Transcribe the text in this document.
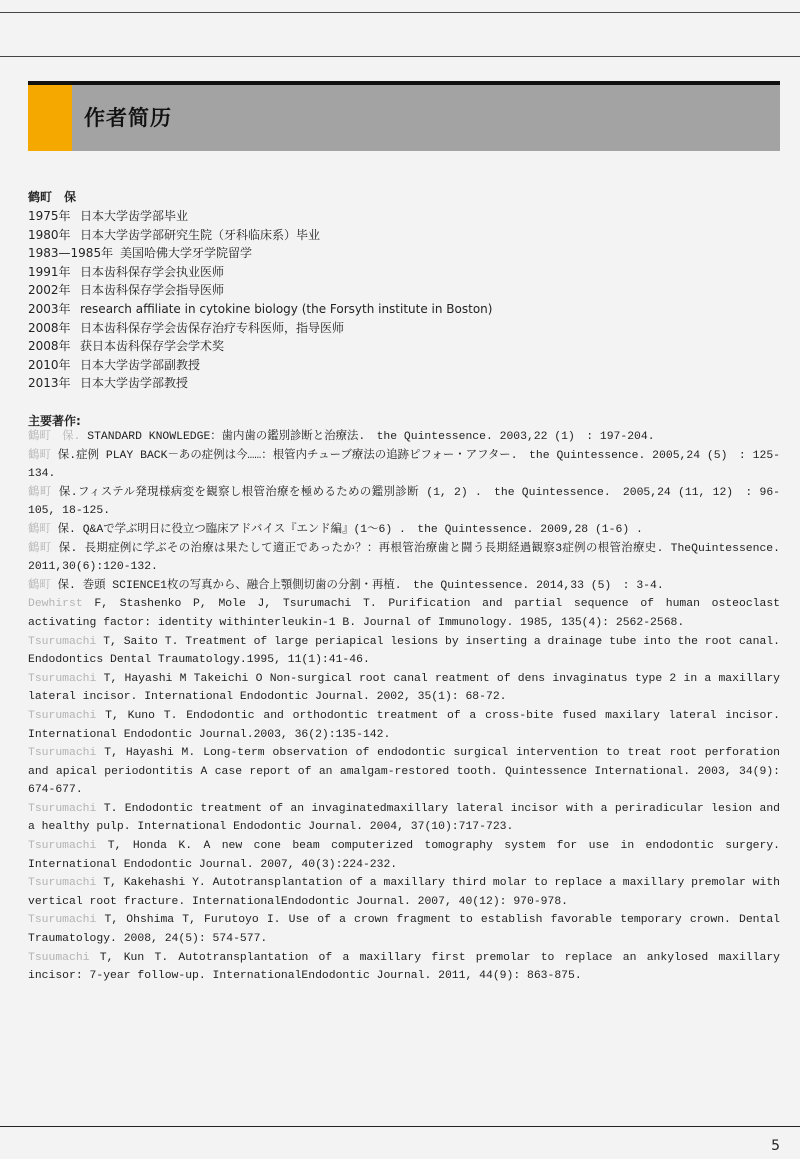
作者简历
鹤町　保
1975年 日本大学齿学部毕业
1980年 日本大学齿学部研究生院（牙科临床系）毕业
1983—1985年 美国哈佛大学牙学院留学
1991年 日本齿科保存学会执业医师
2002年 日本齿科保存学会指导医师
2003年 research affiliate in cytokine biology (the Forsyth institute in Boston)
2008年 日本齿科保存学会齿保存治疗专科医师，指导医师
2008年 获日本齿科保存学会学术奖
2010年 日本大学齿学部副教授
2013年 日本大学齿学部教授
主要著作:
鶴町　保. STANDARD KNOWLEDGE：歯内歯の鑑別診断と治療法.　the Quintessence. 2003,22 (1)　: 197-204.
鶴町 保.症例 PLAY BACK－あの症例は今……：根管内チューブ療法の追跡ピフォー・アフター.　the Quintessence. 2005,24 (5)　: 125-134.
鶴町 保.フィステル発現様病変を観察し根管治療を極めるための鑑別診断 (1, 2) .　the Quintessence.　2005,24 (11, 12)　: 96-105, 18-125.
鶴町 保. Q&Aで学ぶ明日に役立つ臨床アドバイス『エンド編』(1～6) .　the Quintessence. 2009,28 (1-6) .
鶴町 保. 長期症例に学ぶその治療は果たして適正であったか？：再根管治療歯と闘う長期経過観察3症例の根管治療史. TheQuintessence. 2011,30(6):120-132.
鶴町 保. 巻頭 SCIENCE1枚の写真から、融合上顎側切歯の分割・再植.　the Quintessence. 2014,33 (5)　: 3-4.
Dewhirst F, Stashenko P, Mole J, Tsurumachi T. Purification and partial sequence of human osteoclast activating factor: identity withinterleukin-1 B. Journal of Immunology. 1985, 135(4): 2562-2568.
Tsurumachi T, Saito T. Treatment of large periapical lesions by inserting a drainage tube into the root canal. Endodontics Dental Traumatology.1995, 11(1):41-46.
Tsurumachi T, Hayashi M Takeichi O Non-surgical root canal reatment of dens invaginatus type 2 in a maxillary lateral incisor. International Endodontic Journal. 2002, 35(1): 68-72.
Tsurumachi T, Kuno T. Endodontic and orthodontic treatment of a cross-bite fused maxilary lateral incisor. International Endodontic Journal.2003, 36(2):135-142.
Tsurumachi T, Hayashi M. Long-term observation of endodontic surgical intervention to treat root perforation and apical periodontitis A case report of an amalgam-restored tooth. Quintessence International. 2003, 34(9): 674-677.
Tsurumachi T. Endodontic treatment of an invaginatedmaxillary lateral incisor with a periradicular lesion and a healthy pulp. International Endodontic Journal. 2004, 37(10):717-723.
Tsurumachi T, Honda K. A new cone beam computerized tomography system for use in endodontic surgery. International Endodontic Journal. 2007, 40(3):224-232.
Tsurumachi T, Kakehashi Y. Autotransplantation of a maxillary third molar to replace a maxillary premolar with vertical root fracture. InternationalEndodontic Journal. 2007, 40(12): 970-978.
Tsurumachi T, Ohshima T, Furutoyo I. Use of a crown fragment to establish favorable temporary crown. Dental Traumatology. 2008, 24(5): 574-577.
Tsuumachi T, Kun T. Autotransplantation of a maxillary first premolar to replace an ankylosed maxillary incisor: 7-year follow-up. InternationalEndodontic Journal. 2011, 44(9): 863-875.
5
